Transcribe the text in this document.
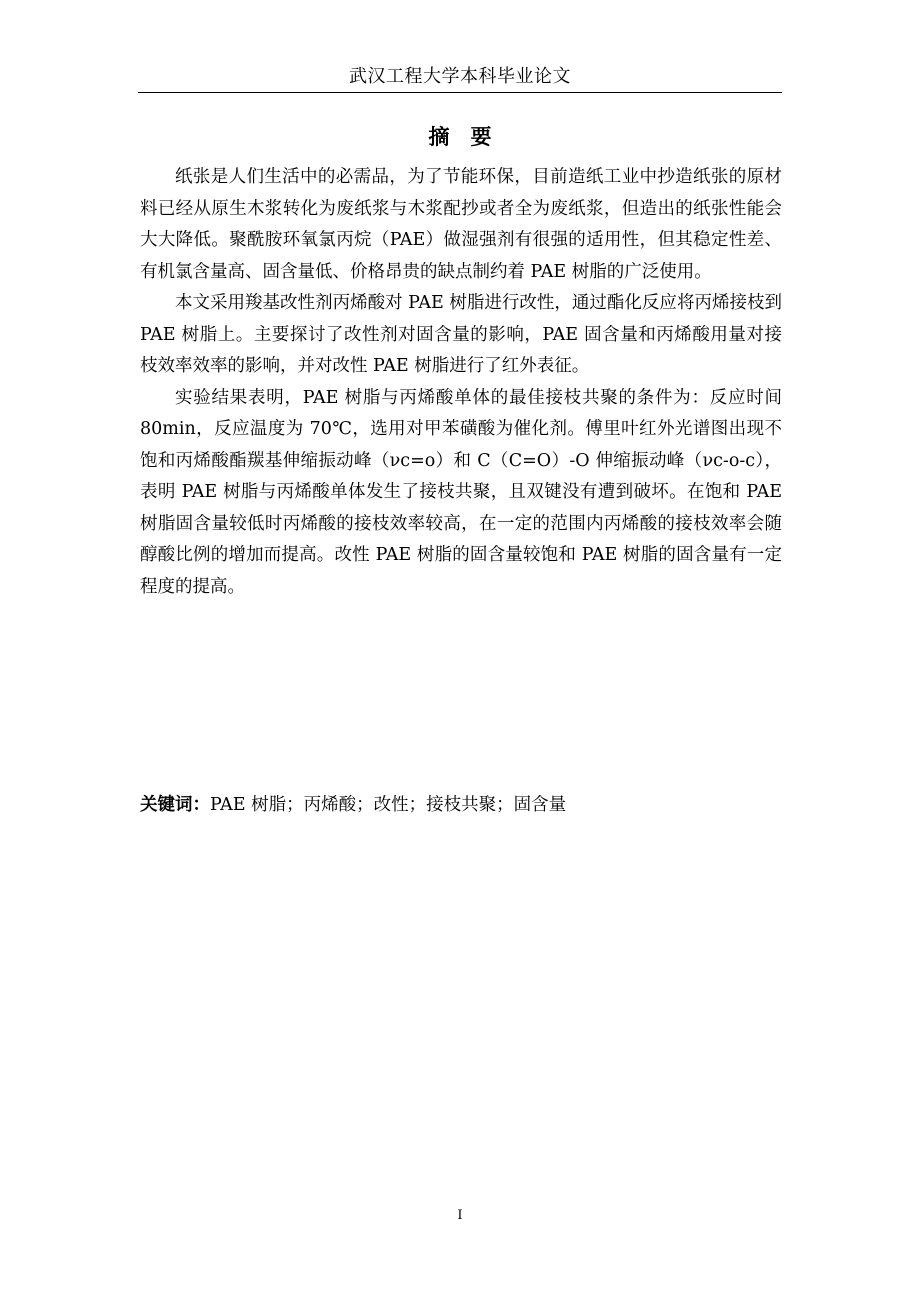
武汉工程大学本科毕业论文
摘　要

纸张是人们生活中的必需品，为了节能环保，目前造纸工业中抄造纸张的原材料已经从原生木浆转化为废纸浆与木浆配抄或者全为废纸浆，但造出的纸张性能会大大降低。聚酰胺环氧氯丙烷（PAE）做湿强剂有很强的适用性，但其稳定性差、有机氯含量高、固含量低、价格昂贵的缺点制约着 PAE 树脂的广泛使用。

本文采用羧基改性剂丙烯酸对 PAE 树脂进行改性，通过酯化反应将丙烯接枝到 PAE 树脂上。主要探讨了改性剂对固含量的影响，PAE 固含量和丙烯酸用量对接枝效率效率的影响，并对改性 PAE 树脂进行了红外表征。

实验结果表明，PAE 树脂与丙烯酸单体的最佳接枝共聚的条件为：反应时间80min，反应温度为 70℃，选用对甲苯磺酸为催化剂。傅里叶红外光谱图出现不饱和丙烯酸酯羰基伸缩振动峰（νc=o）和 C（C=O）-O 伸缩振动峰（νc-o-c），表明 PAE 树脂与丙烯酸单体发生了接枝共聚，且双键没有遭到破坏。在饱和 PAE 树脂固含量较低时丙烯酸的接枝效率较高，在一定的范围内丙烯酸的接枝效率会随醇酸比例的增加而提高。改性 PAE 树脂的固含量较饱和 PAE 树脂的固含量有一定程度的提高。

关键词：PAE 树脂；丙烯酸；改性；接枝共聚；固含量
I
